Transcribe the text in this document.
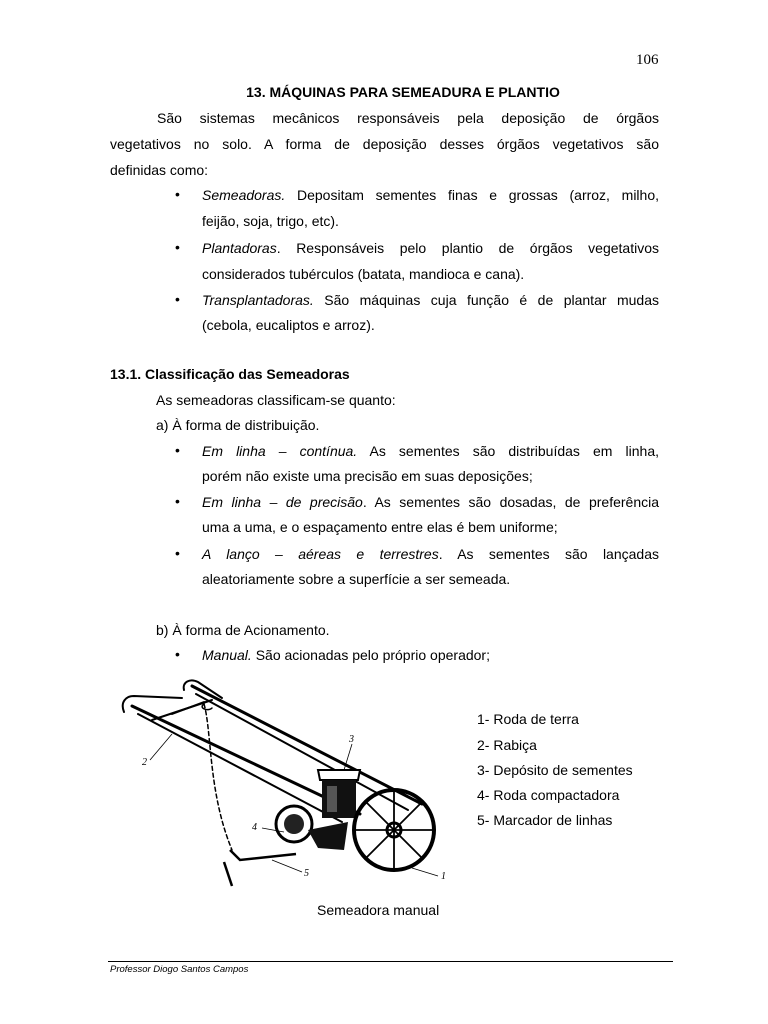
106
13. MÁQUINAS PARA SEMEADURA E PLANTIO
São sistemas mecânicos responsáveis pela deposição de órgãos
vegetativos no solo. A forma de deposição desses órgãos vegetativos são
definidas como:
• Semeadoras. Depositam sementes finas e grossas (arroz, milho,
feijão, soja, trigo, etc).
• Plantadoras. Responsáveis pelo plantio de órgãos vegetativos
considerados tubérculos (batata, mandioca e cana).
• Transplantadoras. São máquinas cuja função é de plantar mudas
(cebola, eucaliptos e arroz).
13.1. Classificação das Semeadoras
As semeadoras classificam-se quanto:
a) À forma de distribuição.
• Em linha – contínua. As sementes são distribuídas em linha,
porém não existe uma precisão em suas deposições;
• Em linha – de precisão. As sementes são dosadas, de preferência
uma a uma, e o espaçamento entre elas é bem uniforme;
• A lanço – aéreas e terrestres. As sementes são lançadas
aleatoriamente sobre a superfície a ser semeada.
b) À forma de Acionamento.
• Manual. São acionadas pelo próprio operador;
2
3
4
5	1
1- Roda de terra
2- Rabiça
3- Depósito de sementes
4- Roda compactadora
5- Marcador de linhas
Semeadora manual
Professor Diogo Santos Campos
